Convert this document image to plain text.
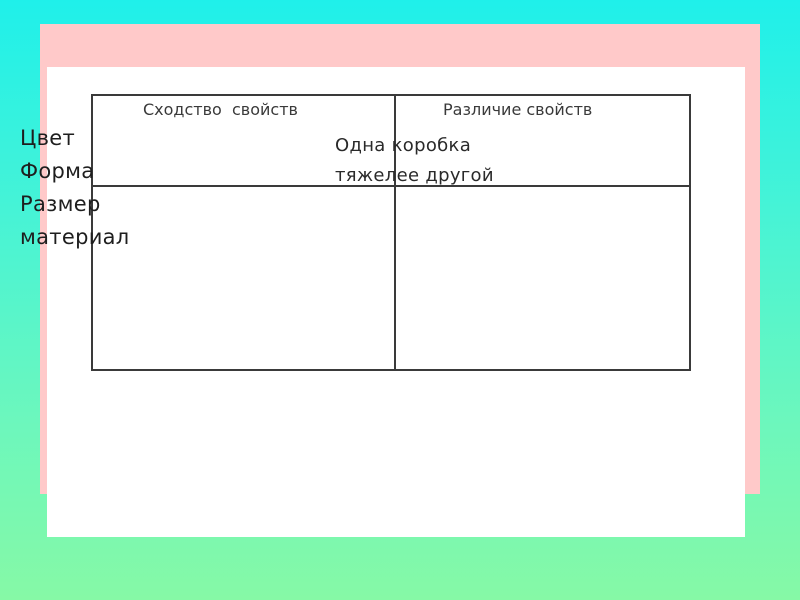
Сходство  свойств	Различие свойств
Цвет
Форма
Размер
материал
Одна коробка
тяжелее другой
